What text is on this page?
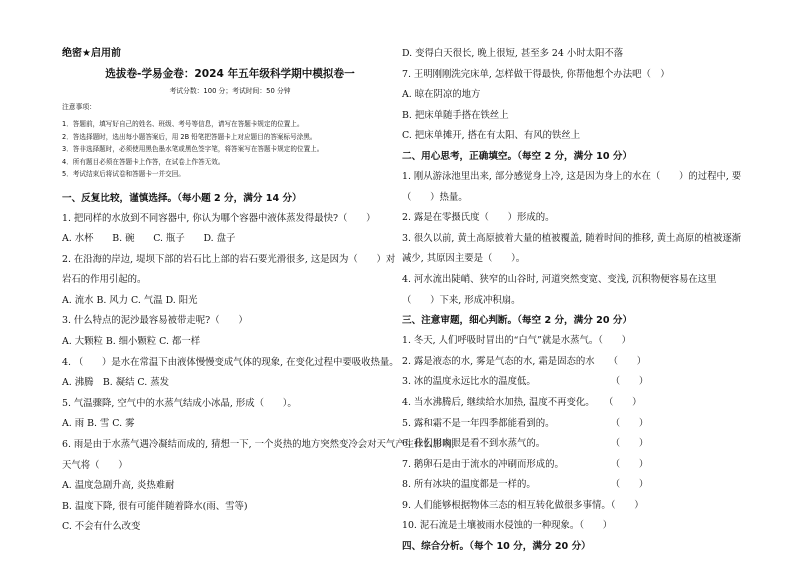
绝密★启用前
选拔卷-学易金卷：2024 年五年级科学期中模拟卷一
考试分数：100 分；考试时间：50 分钟
注意事项：
1．答题前，填写好自己的姓名、班级、考号等信息，请写在答题卡规定的位置上。
2．答选择题时，选出每小题答案后，用 2B 铅笔把答题卡上对应题目的答案标号涂黑。
3．答非选择题时，必须使用黑色墨水笔或黑色签字笔，将答案写在答题卡规定的位置上。
4．所有题目必须在答题卡上作答，在试卷上作答无效。
5．考试结束后将试卷和答题卡一并交回。
一、反复比较，谨慎选择。（每小题 2 分，满分 14 分）
1. 把同样的水放到不同容器中, 你认为哪个容器中液体蒸发得最快?（　　）
A. 水杯　　B. 碗　　C. 瓶子　　D. 盘子
2. 在沿海的岸边, 堤坝下部的岩石比上部的岩石要光滑很多, 这是因为（　　）对
岩石的作用引起的。
A. 流水 B. 风力 C. 气温 D. 阳光
3. 什么特点的泥沙最容易被带走呢?（　　）
A. 大颗粒 B. 细小颗粒 C. 都一样
4. （　　）是水在常温下由液体慢慢变成气体的现象, 在变化过程中要吸收热量。
A. 沸腾　B. 凝结 C. 蒸发
5. 气温骤降, 空气中的水蒸气结成小冰晶, 形成（　　）。
A. 雨 B. 雪 C. 雾
6. 雨是由于水蒸气遇冷凝结而成的, 猜想一下, 一个炎热的地方突然变冷会对天气产生什么影响,
天气将（　　）
A. 温度急剧升高, 炎热难耐
B. 温度下降, 很有可能伴随着降水(雨、雪等)
C. 不会有什么改变
D. 变得白天很长, 晚上很短, 甚至多 24 小时太阳不落
7. 王明刚刚洗完床单, 怎样做干得最快, 你帮他想个办法吧（　）
A. 晾在阴凉的地方
B. 把床单随手搭在铁丝上
C. 把床单摊开, 搭在有太阳、有风的铁丝上
二、用心思考，正确填空。（每空 2 分，满分 10 分）
1. 刚从游泳池里出来, 部分感觉身上冷, 这是因为身上的水在（　　）的过程中, 要
（　　）热量。
2. 露是在零摄氏度（　　）形成的。
3. 很久以前, 黄土高原披着大量的植被覆盖, 随着时间的推移, 黄土高原的植被逐渐
减少, 其原因主要是（　　）。
4. 河水流出陡峭、狭窄的山谷时, 河道突然变宽、变浅, 沉积物便容易在这里
（　　）下来, 形成冲积扇。
三、注意审题，细心判断。（每空 2 分，满分 20 分）
1. 冬天, 人们呼吸时冒出的“白气”就是水蒸气。（　　）
2. 露是液态的水, 雾是气态的水, 霜是固态的水　　（　　）
3. 冰的温度永远比水的温度低。　　　　　　　　　（　　）
4. 当水沸腾后, 继续给水加热, 温度不再变化。　　（　　）
5. 露和霜不是一年四季都能看到的。　　　　　　　（　　）
6. 我们用肉眼是看不到水蒸气的。　　　　　　　　（　　）
7. 鹅卵石是由于流水的冲刷而形成的。　　　　　　（　　）
8. 所有冰块的温度都是一样的。　　　　　　　　　（　　）
9. 人们能够根据物体三态的相互转化做很多事情。（　　）
10. 泥石流是土壤被雨水侵蚀的一种现象。（　　）
四、综合分析。（每个 10 分，满分 20 分）
